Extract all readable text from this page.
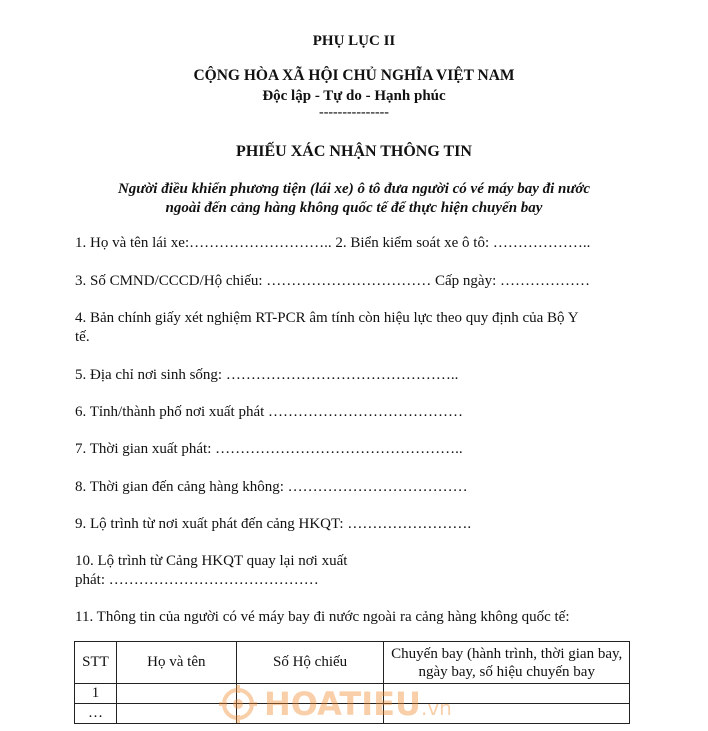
PHỤ LỤC II
CỘNG HÒA XÃ HỘI CHỦ NGHĨA VIỆT NAM
Độc lập - Tự do - Hạnh phúc
---------------
PHIẾU XÁC NHẬN THÔNG TIN
Người điều khiển phương tiện (lái xe) ô tô đưa người có vé máy bay đi nước
ngoài đến cảng hàng không quốc tế để thực hiện chuyến bay
1. Họ và tên lái xe:……………………….. 2. Biển kiểm soát xe ô tô: ………………..
3. Số CMND/CCCD/Hộ chiếu: …………………………… Cấp ngày: ………………
4. Bản chính giấy xét nghiệm RT-PCR âm tính còn hiệu lực theo quy định của Bộ Y
tế.
5. Địa chỉ nơi sinh sống: ………………………………………..
6. Tỉnh/thành phố nơi xuất phát …………………………………
7. Thời gian xuất phát: …………………………………………..
8. Thời gian đến cảng hàng không: ………………………………
9. Lộ trình từ nơi xuất phát đến cảng HKQT: …………………….
10. Lộ trình từ Cảng HKQT quay lại nơi xuất
phát: ……………………………………
11. Thông tin của người có vé máy bay đi nước ngoài ra cảng hàng không quốc tế:
STT	Họ và tên	Số Hộ chiếu	Chuyến bay (hành trình, thời gian bay,
ngày bay, số hiệu chuyến bay

1			
…				HOATIEU.vn
